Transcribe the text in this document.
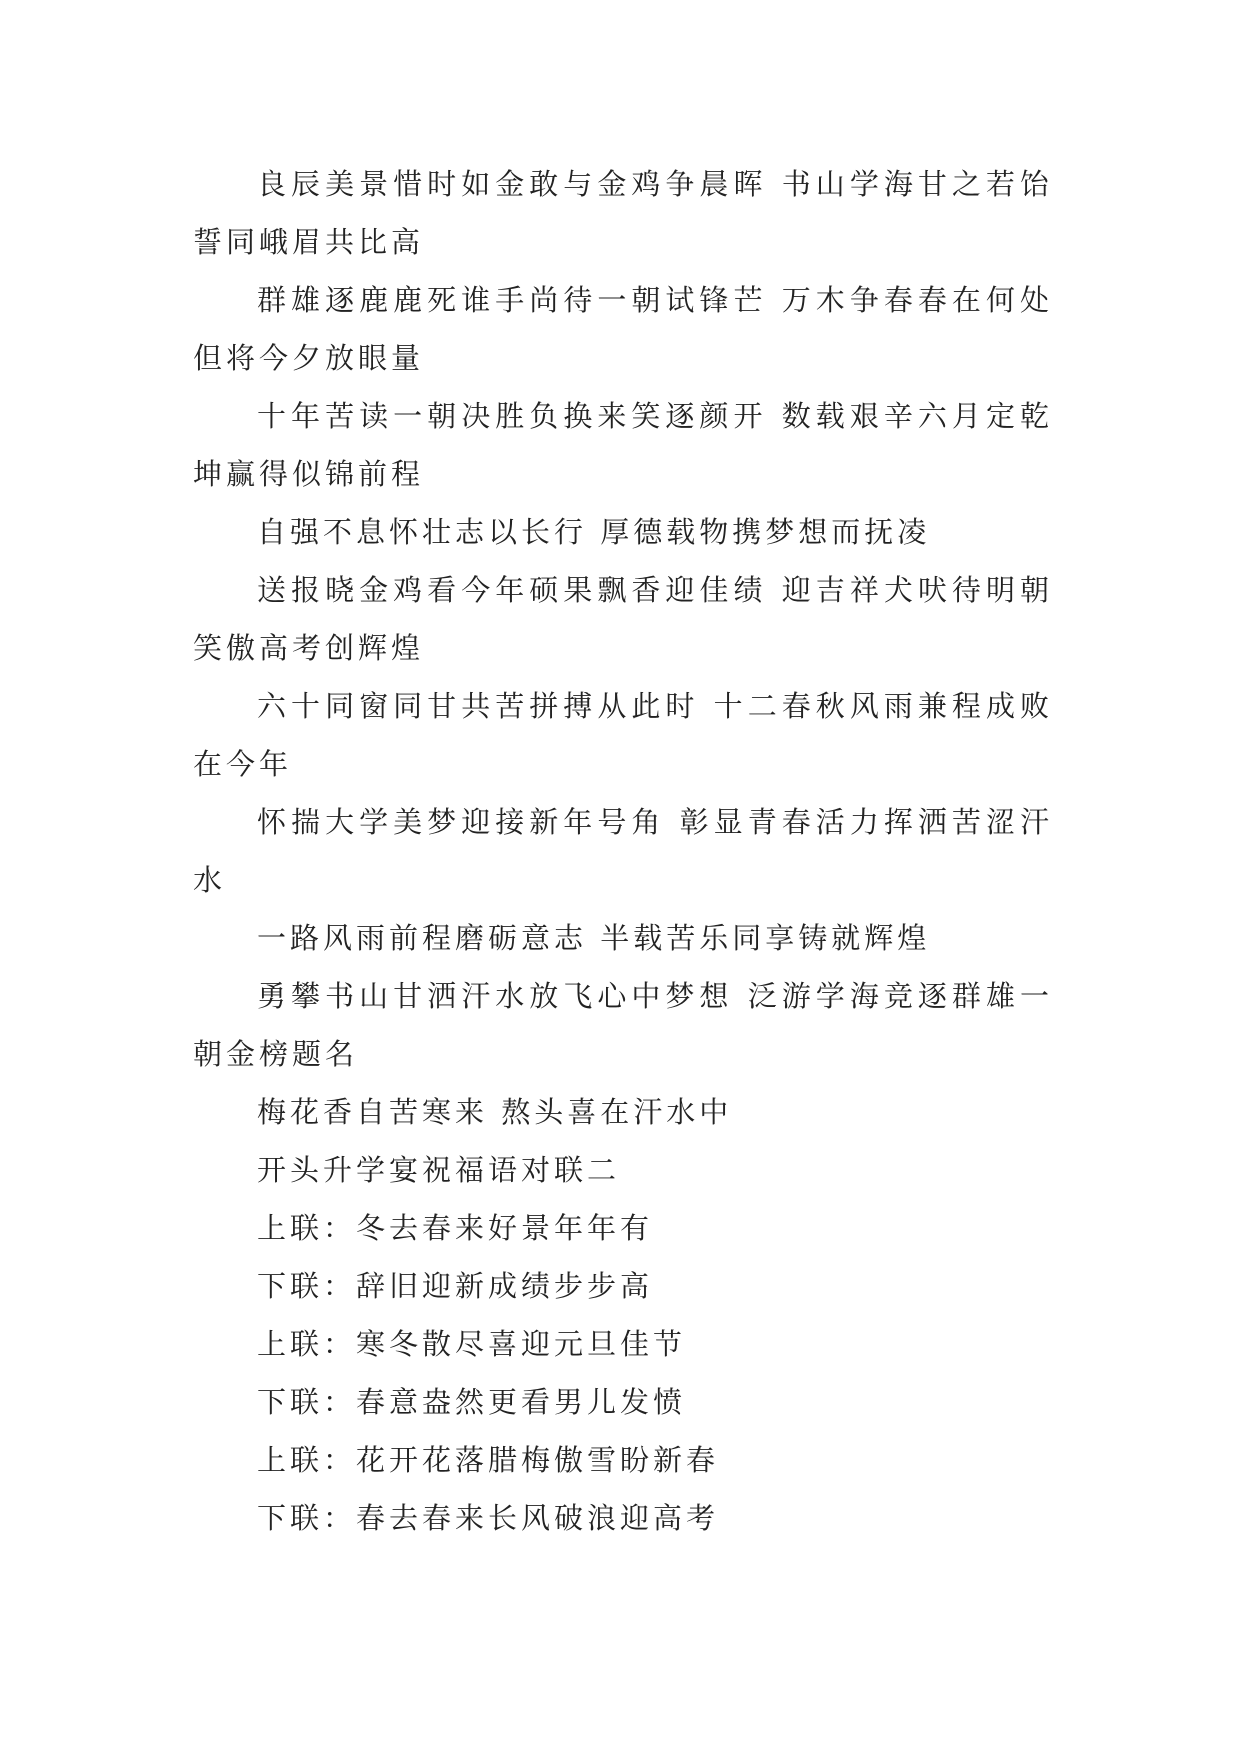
良辰美景惜时如金敢与金鸡争晨晖 书山学海甘之若饴誓同峨眉共比高

群雄逐鹿鹿死谁手尚待一朝试锋芒 万木争春春在何处但将今夕放眼量

十年苦读一朝决胜负换来笑逐颜开 数载艰辛六月定乾坤赢得似锦前程

自强不息怀壮志以长行 厚德载物携梦想而抚凌

送报晓金鸡看今年硕果飘香迎佳绩 迎吉祥犬吠待明朝笑傲高考创辉煌

六十同窗同甘共苦拼搏从此时 十二春秋风雨兼程成败在今年

怀揣大学美梦迎接新年号角 彰显青春活力挥洒苦涩汗水

一路风雨前程磨砺意志 半载苦乐同享铸就辉煌

勇攀书山甘洒汗水放飞心中梦想 泛游学海竞逐群雄一朝金榜题名

梅花香自苦寒来 熬头喜在汗水中

开头升学宴祝福语对联二

上联：冬去春来好景年年有

下联：辞旧迎新成绩步步高

上联：寒冬散尽喜迎元旦佳节

下联：春意盎然更看男儿发愤

上联：花开花落腊梅傲雪盼新春

下联：春去春来长风破浪迎高考
